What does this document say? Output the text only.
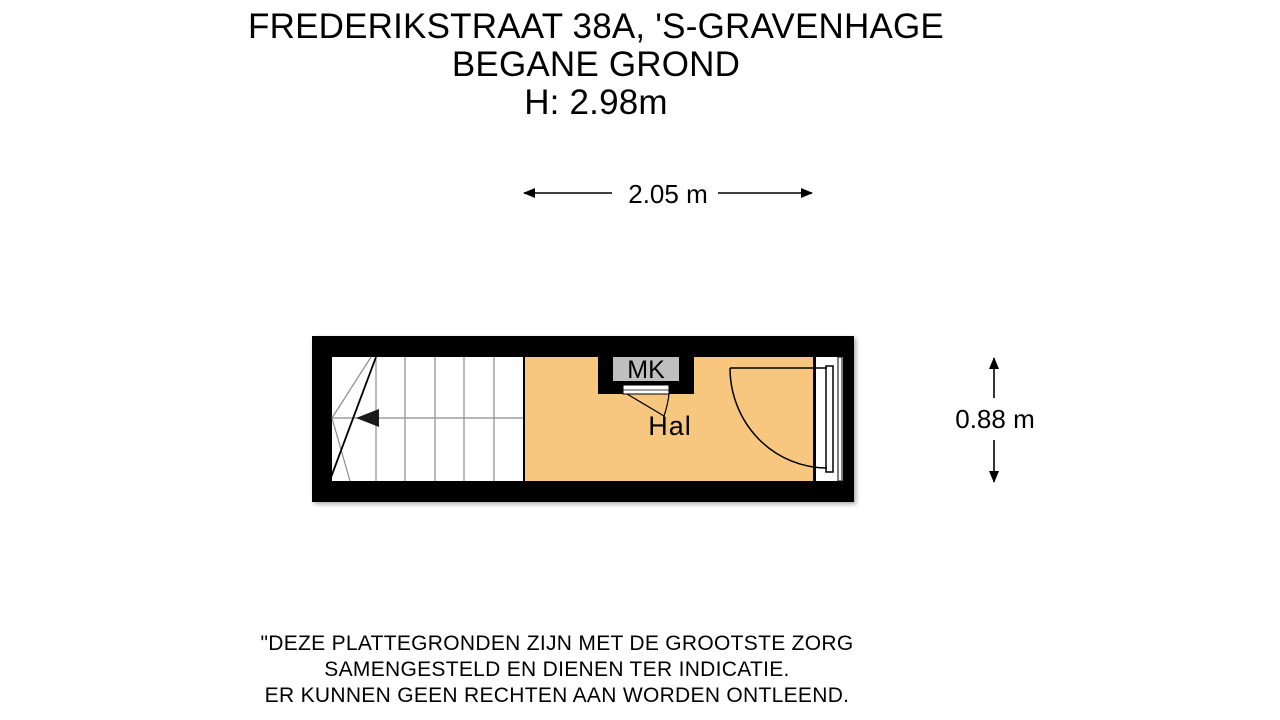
FREDERIKSTRAAT 38A, 'S-GRAVENHAGE
BEGANE GROND
H: 2.98m
2.05 m
0.88 m
Hal
MK
"DEZE PLATTEGRONDEN ZIJN MET DE GROOTSTE ZORG
SAMENGESTELD EN DIENEN TER INDICATIE.
ER KUNNEN GEEN RECHTEN AAN WORDEN ONTLEEND.
